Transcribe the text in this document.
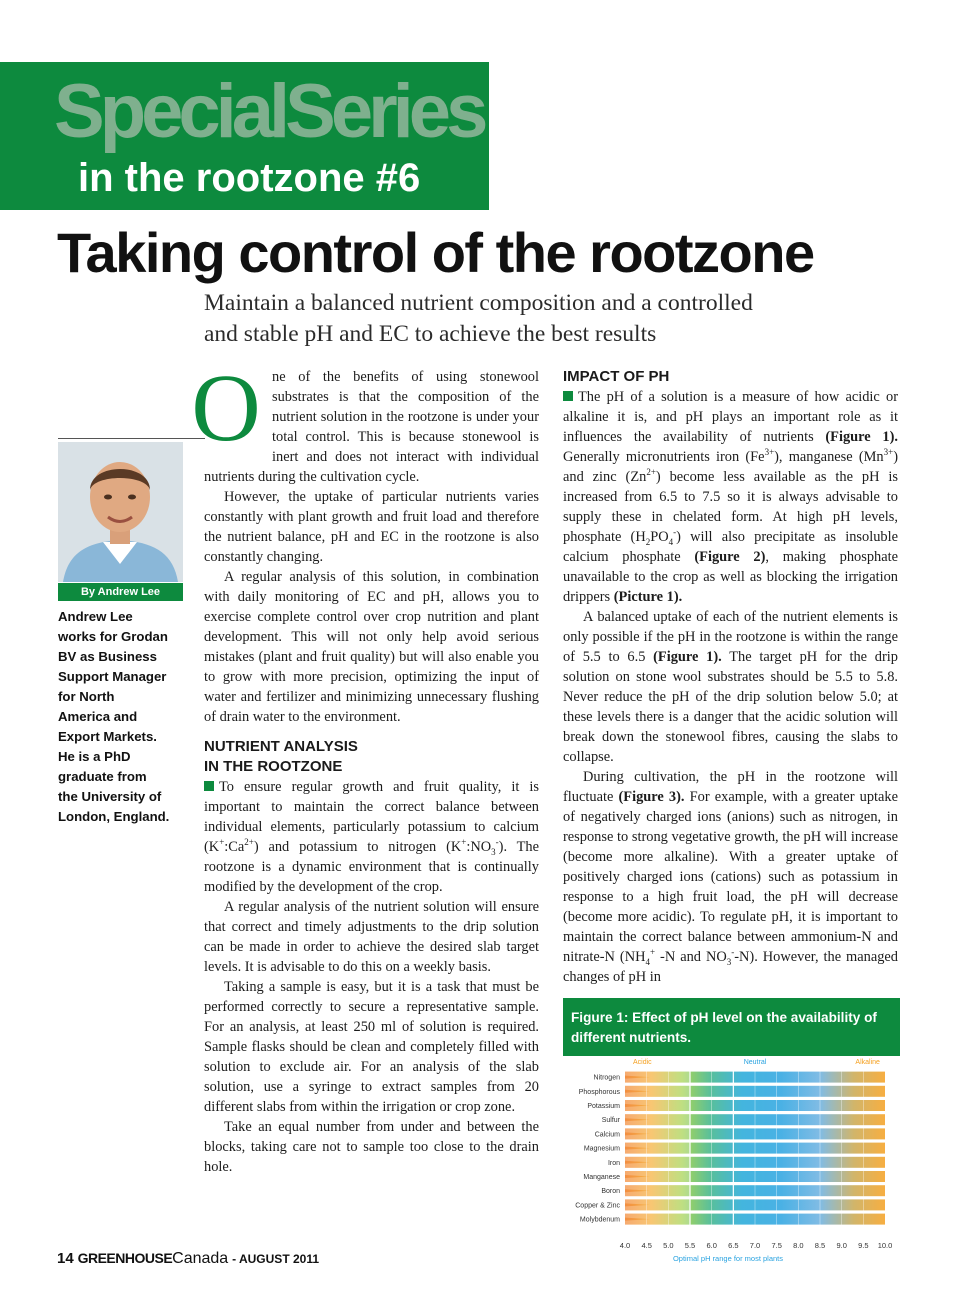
SpecialSeries
in the rootzone #6
Taking control of the rootzone
Maintain a balanced nutrient composition and a controlled
and stable pH and EC to achieve the best results
By Andrew Lee
Andrew Lee
works for Grodan
BV as Business
Support Manager
for North
America and
Export Markets.
He is a PhD
graduate from
the University of
London, England.

One of the benefits of using stonewool substrates is that the composition of the nutrient solution in the rootzone is under your total control. This is because stonewool is inert and does not interact with individual nutrients during the cultivation cycle.

However, the uptake of particular nutrients varies constantly with plant growth and fruit load and therefore the nutrient balance, pH and EC in the rootzone is also constantly changing.

A regular analysis of this solution, in combination with daily monitoring of EC and pH, allows you to exercise complete control over crop nutrition and plant development. This will not only help avoid serious mistakes (plant and fruit quality) but will also enable you to grow with more precision, optimizing the input of water and fertilizer and minimizing unnecessary flushing of drain water to the environment.

NUTRIENT ANALYSIS
IN THE ROOTZONE

To ensure regular growth and fruit quality, it is important to maintain the correct balance between individual elements, particularly potassium to calcium $(K^+:Ca^{2+})$ and potassium to nitrogen $(K^+:NO_3^-)$. The rootzone is a dynamic environment that is continually modified by the development of the crop.

A regular analysis of the nutrient solution will ensure that correct and timely adjustments to the drip solution can be made in order to achieve the desired slab target levels. It is advisable to do this on a weekly basis.

Taking a sample is easy, but it is a task that must be performed correctly to secure a representative sample. For an analysis, at least 250 ml of solution is required. Sample flasks should be clean and completely filled with solution to exclude air. For an analysis of the slab solution, use a syringe to extract samples from 20 different slabs from within the irrigation or crop zone.

Take an equal number from under and between the blocks, taking care not to sample too close to the drain hole.

IMPACT OF PH

The pH of a solution is a measure of how acidic or alkaline it is, and pH plays an important role as it influences the availability of nutrients (Figure 1). Generally micronutrients iron $(Fe^{3+})$, manganese $(Mn^{3+})$ and zinc $(Zn^{2+})$ become less available as the pH is increased from 6.5 to 7.5 so it is always advisable to supply these in chelated form. At high pH levels, phosphate $(H_2PO_4^-)$ will also precipitate as insoluble calcium phosphate (Figure 2), making phosphate unavailable to the crop as well as blocking the irrigation drippers (Picture 1).

A balanced uptake of each of the nutrient elements is only possible if the pH in the rootzone is within the range of 5.5 to 6.5 (Figure 1). The target pH for the drip solution on stone wool substrates should be 5.5 to 5.8. Never reduce the pH of the drip solution below 5.0; at these levels there is a danger that the acidic solution will break down the stonewool fibres, causing the slabs to collapse.

During cultivation, the pH in the rootzone will fluctuate (Figure 3). For example, with a greater uptake of negatively charged ions (anions) such as nitrogen, in response to strong vegetative growth, the pH will increase (become more alkaline). With a greater uptake of positively charged ions (cations) such as potassium in response to a high fruit load, the pH will decrease (become more acidic). To regulate pH, it is important to maintain the correct balance between ammonium-N and nitrate-N ($NH_4^+$ -N and $NO_3^--N$). However, the managed changes of pH in

Figure 1: Effect of pH level on the availability of different nutrients.
Nitrogen
Phosphorous
Potassium
Sulfur
Calcium
Magnesium
Iron
Manganese
Boron
Copper & Zinc
Molybdenum
Acidic	Neutral	Alkaline
4.0 4.5 5.0 5.5 6.0 6.5 7.0 7.5 8.0 8.5 9.0 9.5 10.0
Optimal pH range for most plants
14 GREENHOUSECanada - AUGUST 2011
